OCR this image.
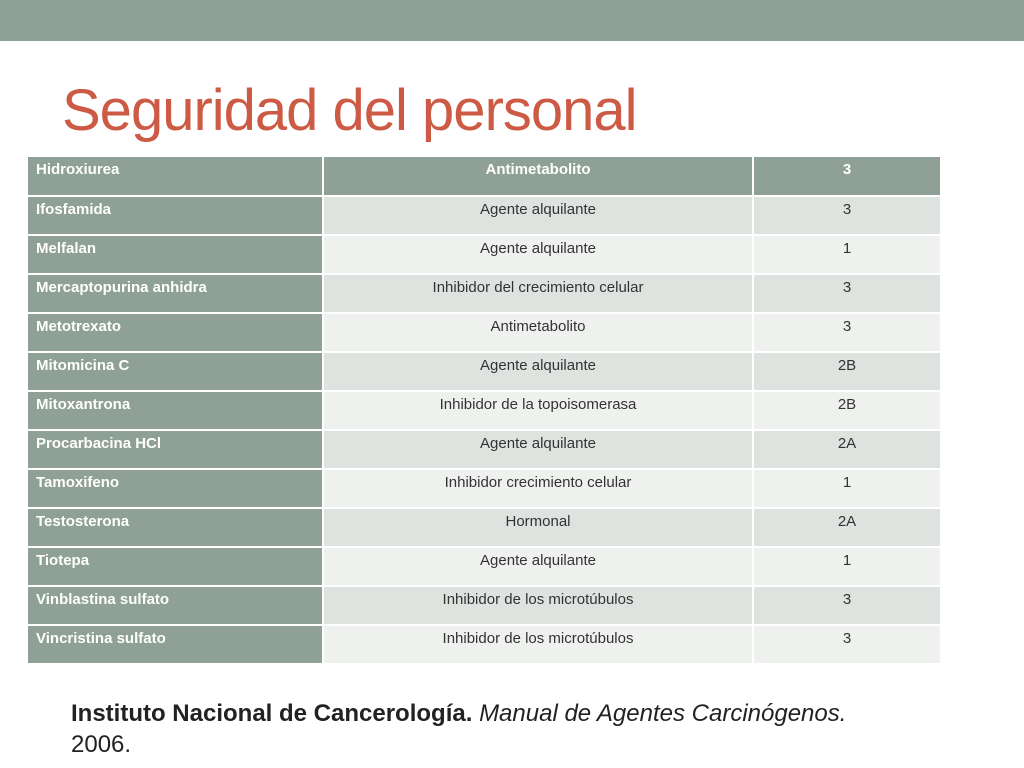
Seguridad del personal
Hidroxiurea	Antimetabolito	3

Ifosfamida	Agente alquilante	3

Melfalan	Agente alquilante	1

Mercaptopurina anhidra	Inhibidor del crecimiento celular	3

Metotrexato	Antimetabolito	3

Mitomicina C	Agente alquilante	2B

Mitoxantrona	Inhibidor de la topoisomerasa	2B

Procarbacina HCl	Agente alquilante	2A

Tamoxifeno	Inhibidor crecimiento celular	1

Testosterona	Hormonal	2A

Tiotepa	Agente alquilante	1

Vinblastina sulfato	Inhibidor de los microtúbulos	3

Vincristina sulfato	Inhibidor de los microtúbulos	3

Instituto Nacional de Cancerología. Manual de Agentes Carcinógenos.
2006.
